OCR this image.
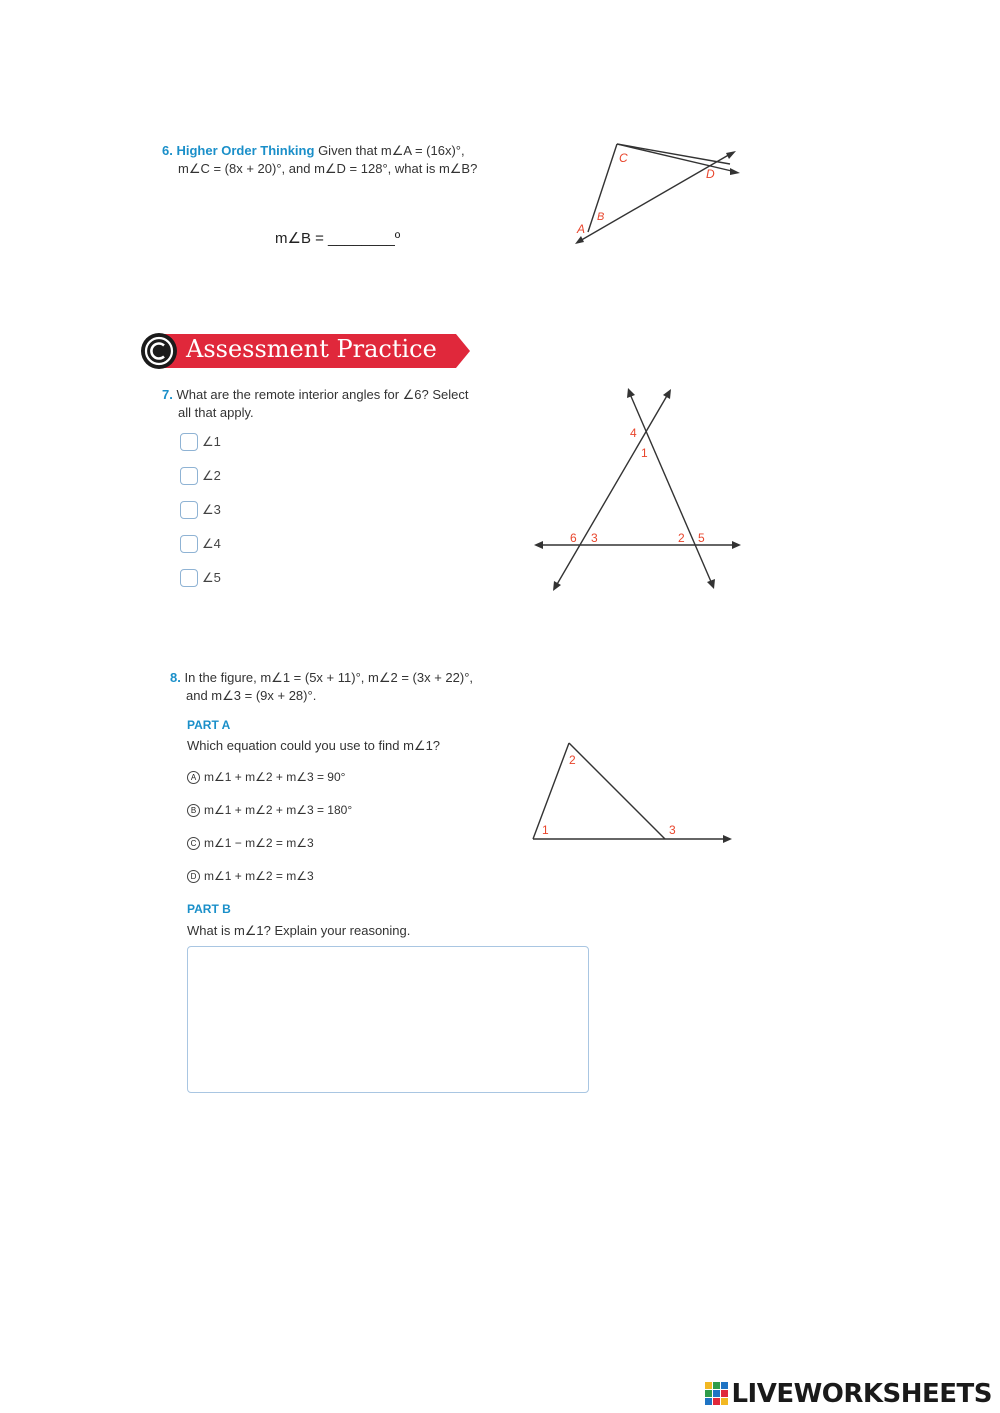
6. Higher Order Thinking Given that m∠A = (16x)°,
m∠C = (8x + 20)°, and m∠D = 128°, what is m∠B?
m∠B = ________º
C
D
B
A
Assessment Practice
7. What are the remote interior angles for ∠6? Select
all that apply.
∠1
∠2
∠3
∠4
∠5
4
1
6 3	2 5
8. In the figure, m∠1 = (5x + 11)°, m∠2 = (3x + 22)°,
and m∠3 = (9x + 28)°.
PART A
Which equation could you use to find m∠1?
A m∠1 + m∠2 + m∠3 = 90°
B m∠1 + m∠2 + m∠3 = 180°
C m∠1 − m∠2 = m∠3
D m∠1 + m∠2 = m∠3
PART B
What is m∠1? Explain your reasoning.
1
2
3
LIVEWORKSHEETS
